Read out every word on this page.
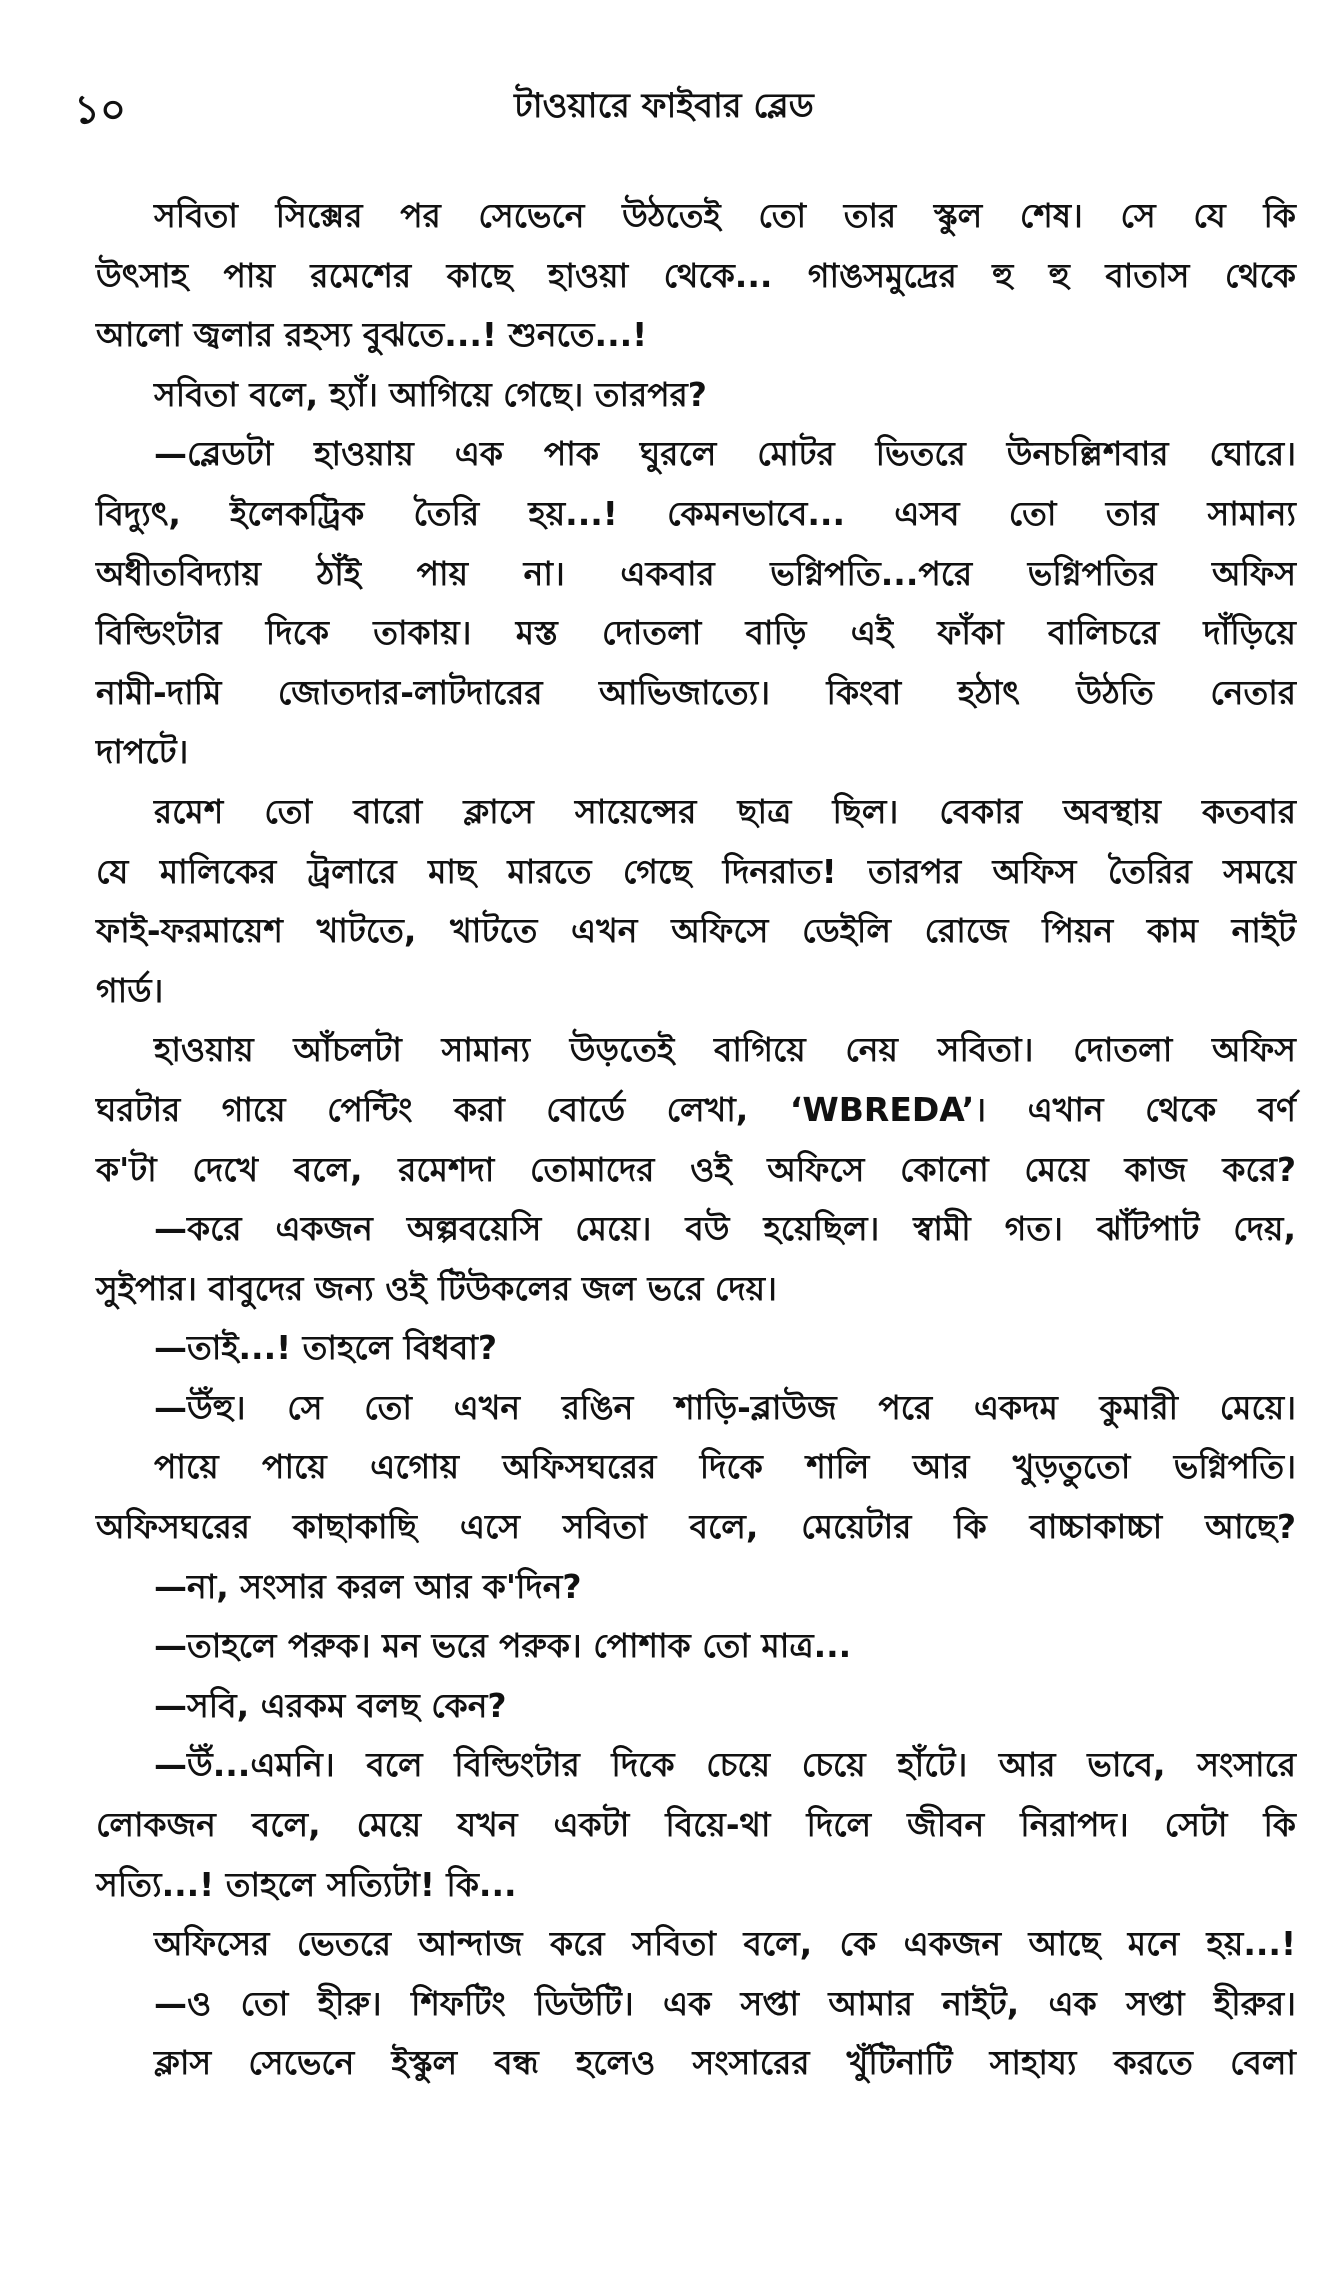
১০	টাওয়ারে ফাইবার ব্লেড
সবিতা সিক্সের পর সেভেনে উঠতেই তো তার স্কুল শেষ। সে যে কি
উৎসাহ পায় রমেশের কাছে হাওয়া থেকে... গাঙসমুদ্রের হু হু বাতাস থেকে
আলো জ্বলার রহস্য বুঝতে...! শুনতে...!
সবিতা বলে, হ্যাঁ। আগিয়ে গেছে। তারপর?
—ব্লেডটা হাওয়ায় এক পাক ঘুরলে মোটর ভিতরে উনচল্লিশবার ঘোরে।
বিদ্যুৎ, ইলেকট্রিক তৈরি হয়...! কেমনভাবে... এসব তো তার সামান্য
অধীতবিদ্যায় ঠাঁই পায় না। একবার ভগ্নিপতি...পরে ভগ্নিপতির অফিস
বিল্ডিংটার দিকে তাকায়। মস্ত দোতলা বাড়ি এই ফাঁকা বালিচরে দাঁড়িয়ে
নামী-দামি জোতদার-লাটদারের আভিজাত্যে। কিংবা হঠাৎ উঠতি নেতার
দাপটে।
রমেশ তো বারো ক্লাসে সায়েন্সের ছাত্র ছিল। বেকার অবস্থায় কতবার
যে মালিকের ট্রলারে মাছ মারতে গেছে দিনরাত! তারপর অফিস তৈরির সময়ে
ফাই-ফরমায়েশ খাটতে, খাটতে এখন অফিসে ডেইলি রোজে পিয়ন কাম নাইট
গার্ড।
হাওয়ায় আঁচলটা সামান্য উড়তেই বাগিয়ে নেয় সবিতা। দোতলা অফিস
ঘরটার গায়ে পেন্টিং করা বোর্ডে লেখা, ‘WBREDA’। এখান থেকে বর্ণ
ক'টা দেখে বলে, রমেশদা তোমাদের ওই অফিসে কোনো মেয়ে কাজ করে?
—করে একজন অল্পবয়েসি মেয়ে। বউ হয়েছিল। স্বামী গত। ঝাঁটপাট দেয়,
সুইপার। বাবুদের জন্য ওই টিউকলের জল ভরে দেয়।
—তাই...! তাহলে বিধবা?
—উঁহু। সে তো এখন রঙিন শাড়ি-ব্লাউজ পরে একদম কুমারী মেয়ে।
পায়ে পায়ে এগোয় অফিসঘরের দিকে শালি আর খুড়তুতো ভগ্নিপতি।
অফিসঘরের কাছাকাছি এসে সবিতা বলে, মেয়েটার কি বাচ্চাকাচ্চা আছে?
—না, সংসার করল আর ক'দিন?
—তাহলে পরুক। মন ভরে পরুক। পোশাক তো মাত্র...
—সবি, এরকম বলছ কেন?
—উঁ...এমনি। বলে বিল্ডিংটার দিকে চেয়ে চেয়ে হাঁটে। আর ভাবে, সংসারে
লোকজন বলে, মেয়ে যখন একটা বিয়ে-থা দিলে জীবন নিরাপদ। সেটা কি
সত্যি...! তাহলে সত্যিটা! কি...
অফিসের ভেতরে আন্দাজ করে সবিতা বলে, কে একজন আছে মনে হয়...!
—ও তো হীরু। শিফটিং ডিউটি। এক সপ্তা আমার নাইট, এক সপ্তা হীরুর।
ক্লাস সেভেনে ইস্কুল বন্ধ হলেও সংসারের খুঁটিনাটি সাহায্য করতে বেলা
